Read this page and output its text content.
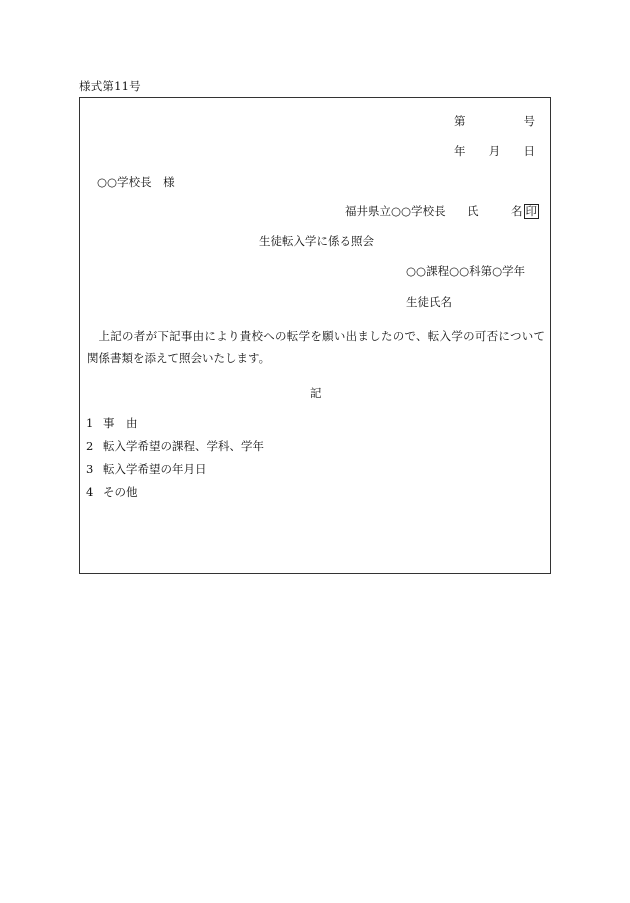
様式第11号
第	号
年 月 日
○○学校長　様
福井県立○○学校長 氏	名 印
生徒転入学に係る照会
○○課程○○科第○学年
生徒氏名
上記の者が下記事由により貴校への転学を願い出ましたので、転入学の可否について関係書類を添えて照会いたします。
記
1 事　由
2 転入学希望の課程、学科、学年
3 転入学希望の年月日
4 その他
